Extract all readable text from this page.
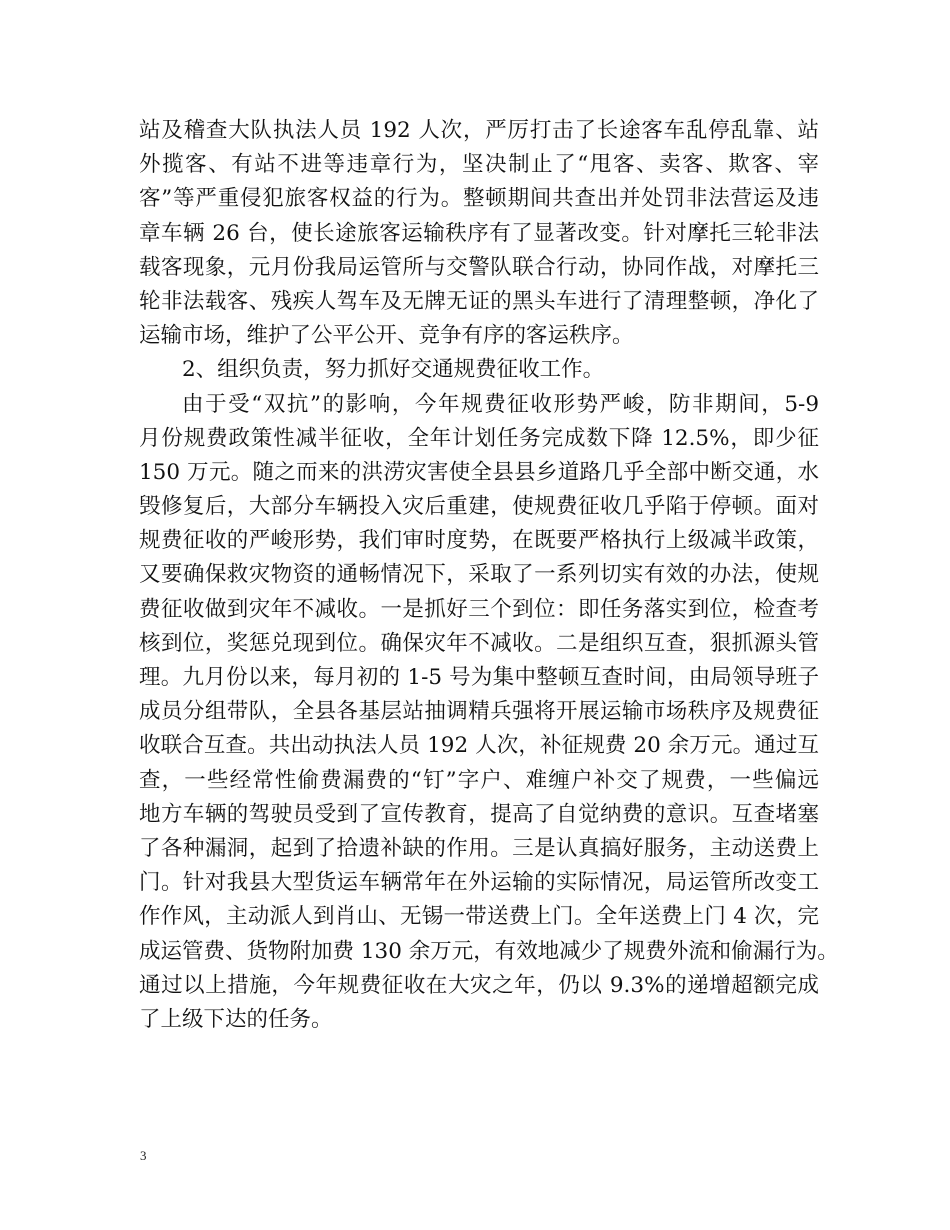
站及稽查大队执法人员 192 人次，严厉打击了长途客车乱停乱靠、站
外揽客、有站不进等违章行为，坚决制止了“甩客、卖客、欺客、宰
客”等严重侵犯旅客权益的行为。整顿期间共查出并处罚非法营运及违
章车辆 26 台，使长途旅客运输秩序有了显著改变。针对摩托三轮非法
载客现象，元月份我局运管所与交警队联合行动，协同作战，对摩托三
轮非法载客、残疾人驾车及无牌无证的黑头车进行了清理整顿，净化了
运输市场，维护了公平公开、竞争有序的客运秩序。
2、组织负责，努力抓好交通规费征收工作。
由于受“双抗”的影响，今年规费征收形势严峻，防非期间，5-9
月份规费政策性减半征收，全年计划任务完成数下降 12.5%，即少征
150 万元。随之而来的洪涝灾害使全县县乡道路几乎全部中断交通，水
毁修复后，大部分车辆投入灾后重建，使规费征收几乎陷于停顿。面对
规费征收的严峻形势，我们审时度势，在既要严格执行上级减半政策，
又要确保救灾物资的通畅情况下，采取了一系列切实有效的办法，使规
费征收做到灾年不减收。一是抓好三个到位：即任务落实到位，检查考
核到位，奖惩兑现到位。确保灾年不减收。二是组织互查，狠抓源头管
理。九月份以来，每月初的 1-5 号为集中整顿互查时间，由局领导班子
成员分组带队，全县各基层站抽调精兵强将开展运输市场秩序及规费征
收联合互查。共出动执法人员 192 人次，补征规费 20 余万元。通过互
查，一些经常性偷费漏费的“钉”字户、难缠户补交了规费，一些偏远
地方车辆的驾驶员受到了宣传教育，提高了自觉纳费的意识。互查堵塞
了各种漏洞，起到了拾遗补缺的作用。三是认真搞好服务，主动送费上
门。针对我县大型货运车辆常年在外运输的实际情况，局运管所改变工
作作风，主动派人到肖山、无锡一带送费上门。全年送费上门 4 次，完
成运管费、货物附加费 130 余万元，有效地减少了规费外流和偷漏行为。
通过以上措施，今年规费征收在大灾之年，仍以 9.3%的递增超额完成
了上级下达的任务。
3
